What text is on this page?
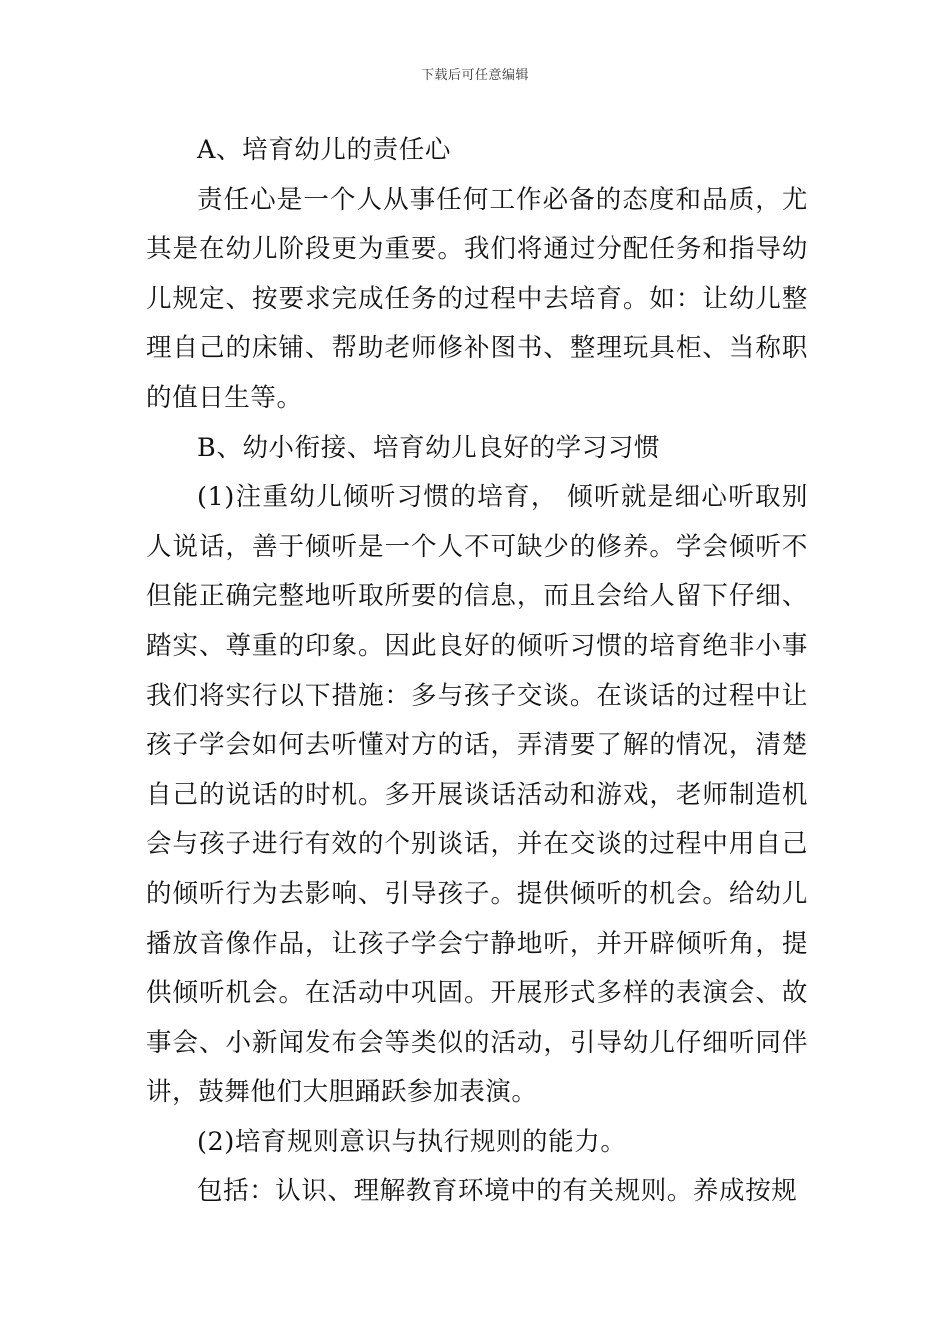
下载后可任意编辑

A、培育幼儿的责任心

责任心是一个人从事任何工作必备的态度和品质，尤其是在幼儿阶段更为重要。我们将通过分配任务和指导幼儿规定、按要求完成任务的过程中去培育。如：让幼儿整理自己的床铺、帮助老师修补图书、整理玩具柜、当称职的值日生等。

B、幼小衔接、培育幼儿良好的学习习惯

(1)注重幼儿倾听习惯的培育， 倾听就是细心听取别人说话，善于倾听是一个人不可缺少的修养。学会倾听不但能正确完整地听取所要的信息，而且会给人留下仔细、踏实、尊重的印象。因此良好的倾听习惯的培育绝非小事我们将实行以下措施：多与孩子交谈。在谈话的过程中让孩子学会如何去听懂对方的话，弄清要了解的情况，清楚自己的说话的时机。多开展谈话活动和游戏，老师制造机会与孩子进行有效的个别谈话，并在交谈的过程中用自己的倾听行为去影响、引导孩子。提供倾听的机会。给幼儿播放音像作品，让孩子学会宁静地听，并开辟倾听角，提供倾听机会。在活动中巩固。开展形式多样的表演会、故事会、小新闻发布会等类似的活动，引导幼儿仔细听同伴讲，鼓舞他们大胆踊跃参加表演。

(2)培育规则意识与执行规则的能力。

包括：认识、理解教育环境中的有关规则。养成按规
